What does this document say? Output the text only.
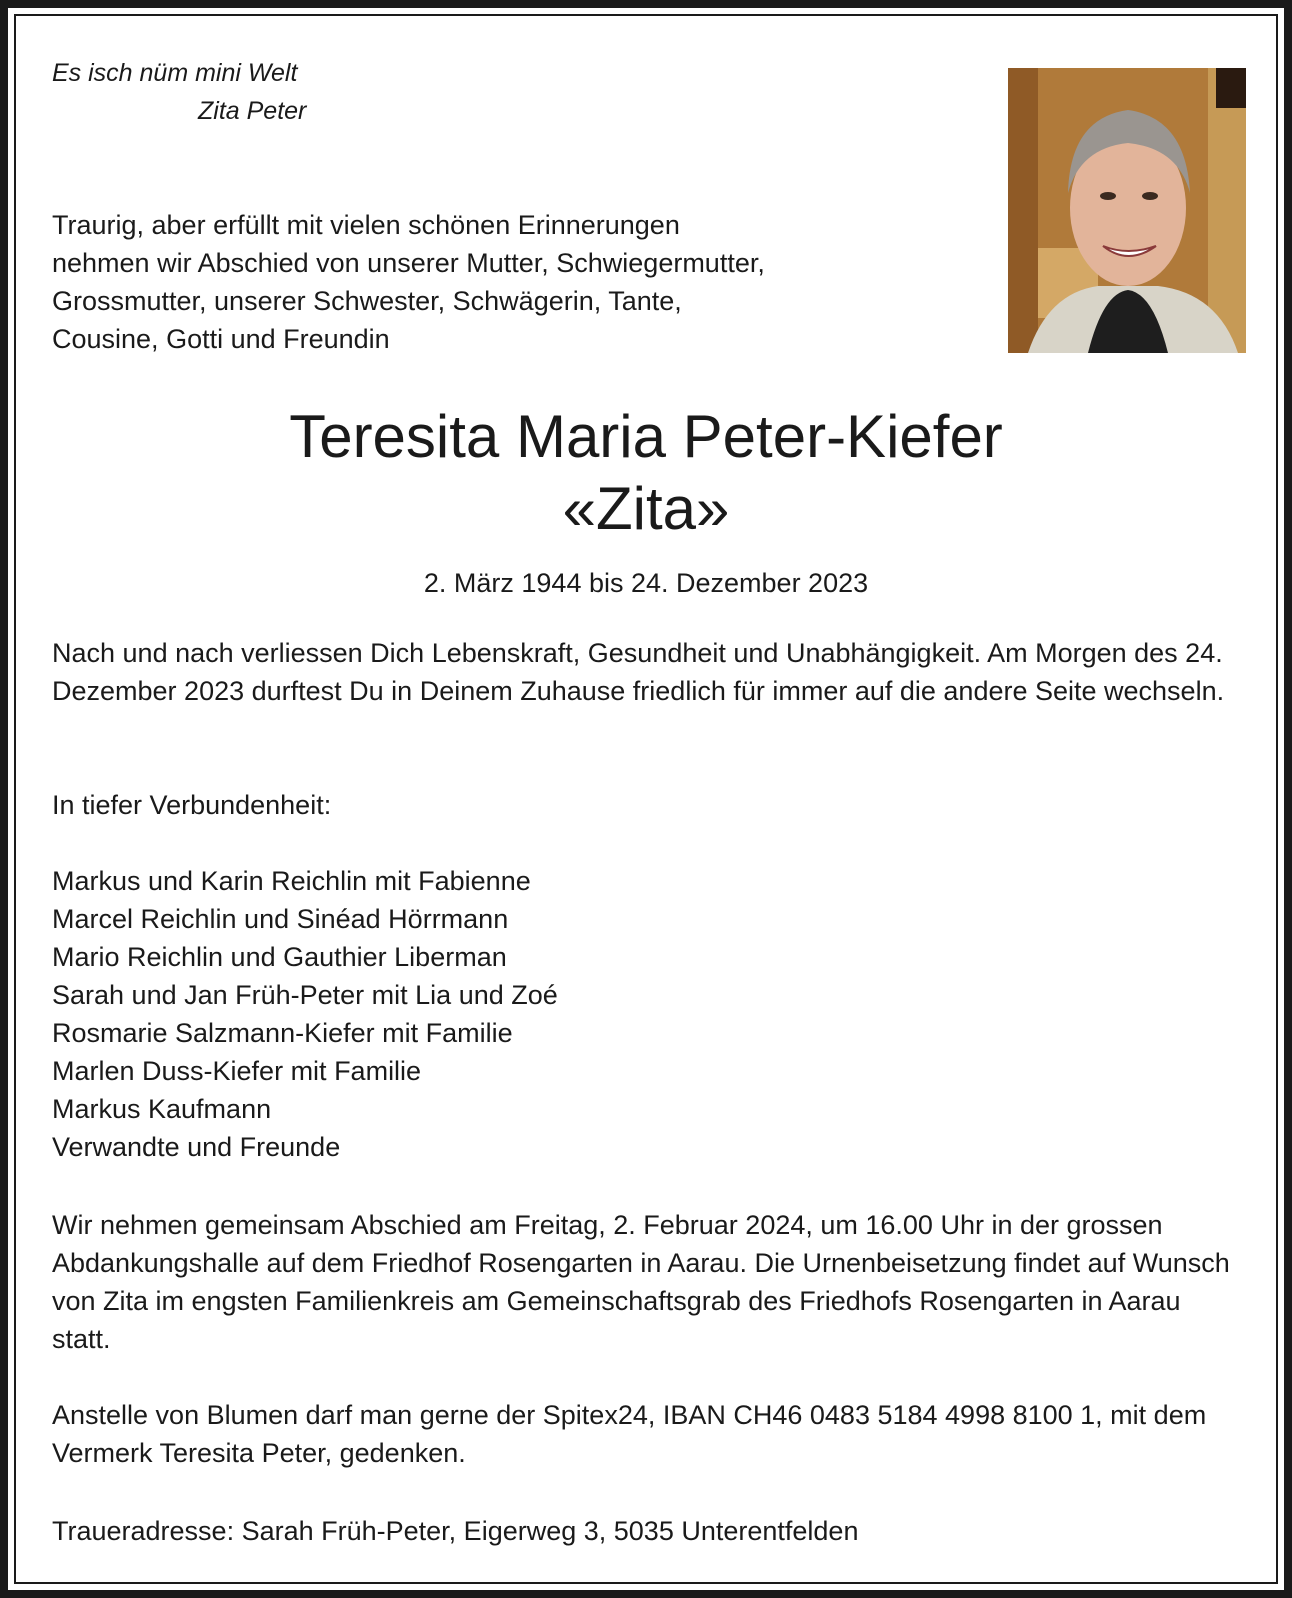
Es isch nüm mini Welt
Zita Peter

Traurig, aber erfüllt mit vielen schönen Erinnerungen
nehmen wir Abschied von unserer Mutter, Schwiegermutter,
Grossmutter, unserer Schwester, Schwägerin, Tante,
Cousine, Gotti und Freundin

Teresita Maria Peter-Kiefer
«Zita»
2. März 1944 bis 24. Dezember 2023

Nach und nach verliessen Dich Lebenskraft, Gesundheit und Unabhängigkeit. Am Morgen des 24. Dezember 2023 durftest Du in Deinem Zuhause friedlich für immer auf die andere Seite wechseln.

In tiefer Verbundenheit:

Markus und Karin Reichlin mit Fabienne
Marcel Reichlin und Sinéad Hörrmann
Mario Reichlin und Gauthier Liberman
Sarah und Jan Früh-Peter mit Lia und Zoé
Rosmarie Salzmann-Kiefer mit Familie
Marlen Duss-Kiefer mit Familie
Markus Kaufmann
Verwandte und Freunde

Wir nehmen gemeinsam Abschied am Freitag, 2. Februar 2024, um 16.00 Uhr in der grossen Abdankungshalle auf dem Friedhof Rosengarten in Aarau. Die Urnenbeisetzung findet auf Wunsch von Zita im engsten Familienkreis am Gemeinschaftsgrab des Friedhofs Rosengarten in Aarau statt.

Anstelle von Blumen darf man gerne der Spitex24, IBAN CH46 0483 5184 4998 8100 1, mit dem Vermerk Teresita Peter, gedenken.

Traueradresse: Sarah Früh-Peter, Eigerweg 3, 5035 Unterentfelden
